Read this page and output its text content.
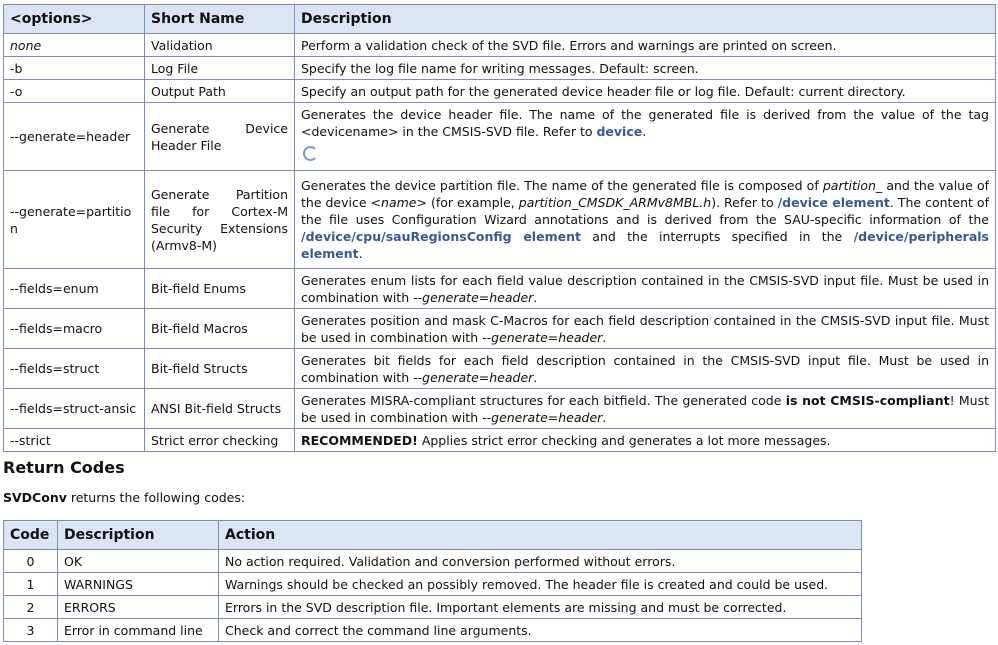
<options>	Short Name	Description
none	Validation	Perform a validation check of the SVD file. Errors and warnings are printed on screen.
-b	Log File	Specify the log file name for writing messages. Default: screen.
-o	Output Path	Specify an output path for the generated device header file or log file. Default: current directory.
--generate=header	Generate Device Header File	Generates the device header file. The name of the generated file is derived from the value of the tag <devicename> in the CMSIS-SVD file. Refer to device.

--generate=partition	Generate Partition file for Cortex-M Security Extensions (Armv8-M)	Generates the device partition file. The name of the generated file is composed of partition_ and the value of the device <name> (for example, partition_CMSDK_ARMv8MBL.h). Refer to /device element. The content of the file uses Configuration Wizard annotations and is derived from the SAU-specific information of the /device/cpu/sauRegionsConfig element and the interrupts specified in the /device/peripherals element.
--fields=enum	Bit-field Enums	Generates enum lists for each field value description contained in the CMSIS-SVD input file. Must be used in combination with --generate=header.
--fields=macro	Bit-field Macros	Generates position and mask C-Macros for each field description contained in the CMSIS-SVD input file. Must be used in combination with --generate=header.
--fields=struct	Bit-field Structs	Generates bit fields for each field description contained in the CMSIS-SVD input file. Must be used in combination with --generate=header.
--fields=struct-ansic	ANSI Bit-field Structs	Generates MISRA-compliant structures for each bitfield. The generated code is not CMSIS-compliant! Must be used in combination with --generate=header.
--strict	Strict error checking	RECOMMENDED! Applies strict error checking and generates a lot more messages.
Return Codes

SVDConv returns the following codes:

Code	Description	Action
0	OK	No action required. Validation and conversion performed without errors.
1	WARNINGS	Warnings should be checked an possibly removed. The header file is created and could be used.
2	ERRORS	Errors in the SVD description file. Important elements are missing and must be corrected.
3	Error in command line	Check and correct the command line arguments.
